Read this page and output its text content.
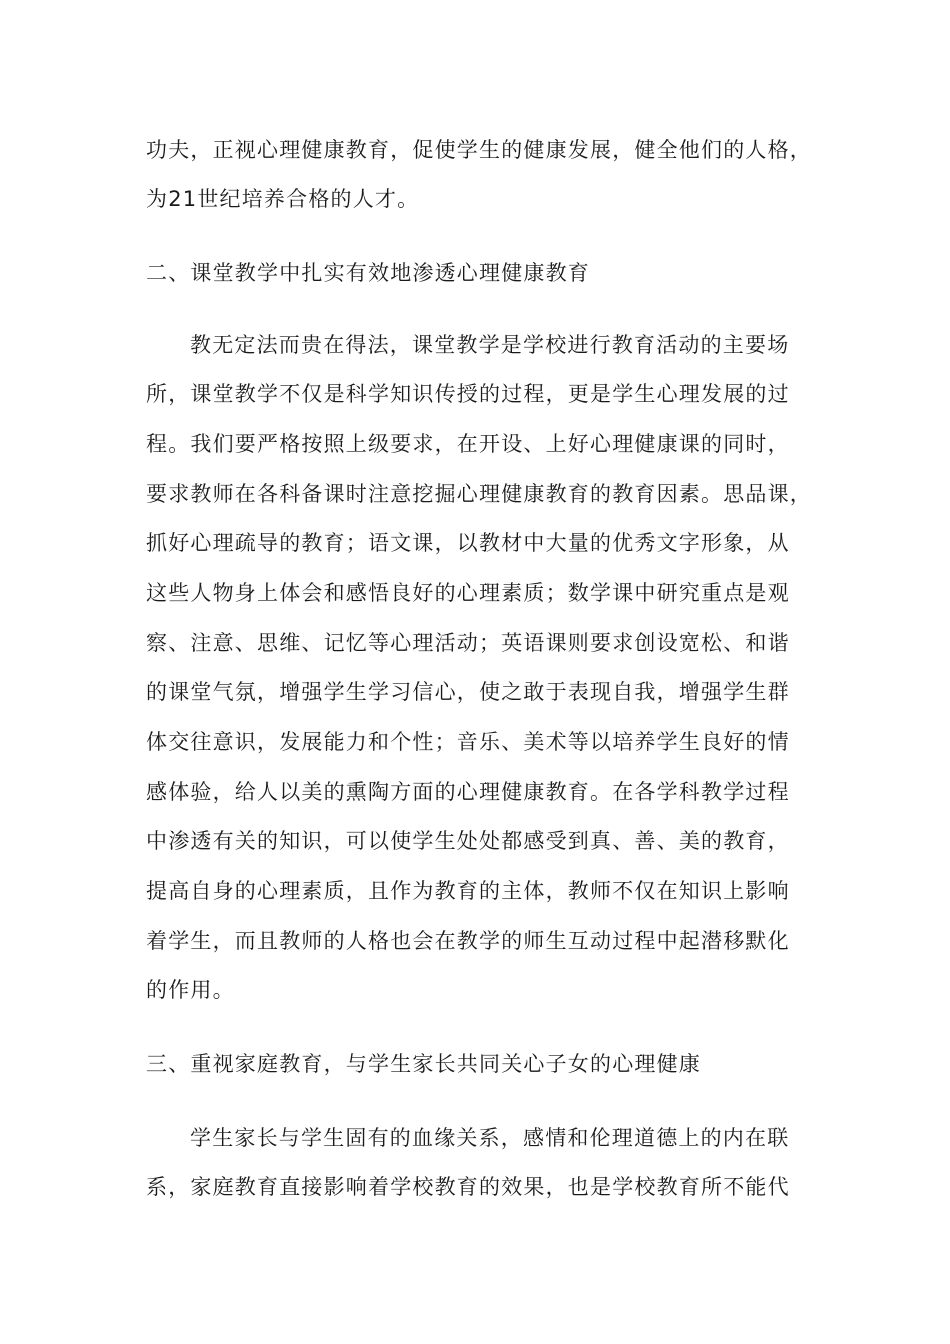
功夫，正视心理健康教育，促使学生的健康发展，健全他们的人格，
为21世纪培养合格的人才。
二、课堂教学中扎实有效地渗透心理健康教育
教无定法而贵在得法，课堂教学是学校进行教育活动的主要场
所，课堂教学不仅是科学知识传授的过程，更是学生心理发展的过
程。我们要严格按照上级要求，在开设、上好心理健康课的同时，
要求教师在各科备课时注意挖掘心理健康教育的教育因素。思品课，
抓好心理疏导的教育；语文课，以教材中大量的优秀文字形象，从
这些人物身上体会和感悟良好的心理素质；数学课中研究重点是观
察、注意、思维、记忆等心理活动；英语课则要求创设宽松、和谐
的课堂气氛，增强学生学习信心，使之敢于表现自我，增强学生群
体交往意识，发展能力和个性；音乐、美术等以培养学生良好的情
感体验，给人以美的熏陶方面的心理健康教育。在各学科教学过程
中渗透有关的知识，可以使学生处处都感受到真、善、美的教育，
提高自身的心理素质，且作为教育的主体，教师不仅在知识上影响
着学生，而且教师的人格也会在教学的师生互动过程中起潜移默化
的作用。
三、重视家庭教育，与学生家长共同关心子女的心理健康
学生家长与学生固有的血缘关系，感情和伦理道德上的内在联
系，家庭教育直接影响着学校教育的效果，也是学校教育所不能代
